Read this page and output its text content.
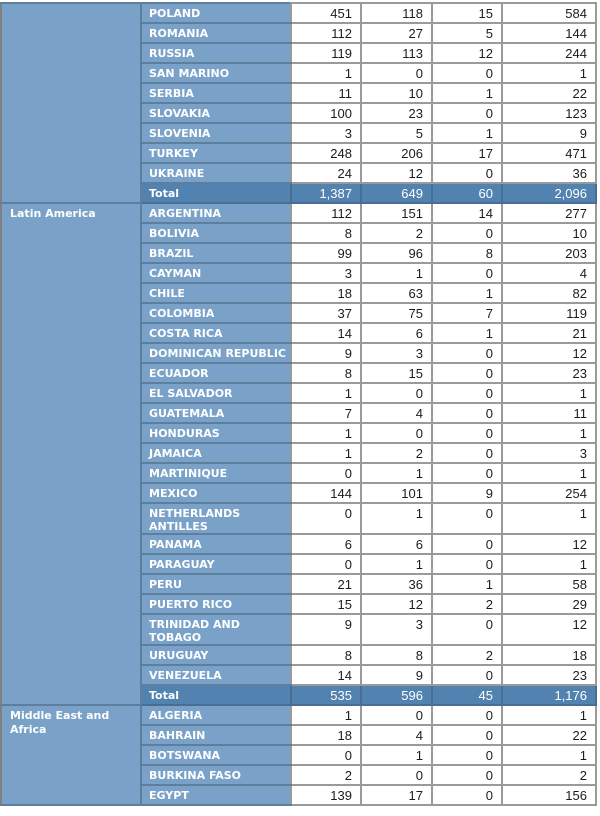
	POLAND	451	118	15	584
	ROMANIA	112	27	5	144
	RUSSIA	119	113	12	244
	SAN MARINO	1	0	0	1
	SERBIA	11	10	1	22
	SLOVAKIA	100	23	0	123
	SLOVENIA	3	5	1	9
	TURKEY	248	206	17	471
	UKRAINE	24	12	0	36
	Total	1,387	649	60	2,096
Latin America	ARGENTINA	112	151	14	277
	BOLIVIA	8	2	0	10
	BRAZIL	99	96	8	203
	CAYMAN	3	1	0	4
	CHILE	18	63	1	82
	COLOMBIA	37	75	7	119
	COSTA RICA	14	6	1	21
	DOMINICAN REPUBLIC	9	3	0	12
	ECUADOR	8	15	0	23
	EL SALVADOR	1	0	0	1
	GUATEMALA	7	4	0	11
	HONDURAS	1	0	0	1
	JAMAICA	1	2	0	3
	MARTINIQUE	0	1	0	1
	MEXICO	144	101	9	254
	NETHERLANDS ANTILLES	0	1	0	1
	PANAMA	6	6	0	12
	PARAGUAY	0	1	0	1
	PERU	21	36	1	58
	PUERTO RICO	15	12	2	29
	TRINIDAD AND TOBAGO	9	3	0	12
	URUGUAY	8	8	2	18
	VENEZUELA	14	9	0	23
	Total	535	596	45	1,176
Middle East and Africa	ALGERIA	1	0	0	1
	BAHRAIN	18	4	0	22
	BOTSWANA	0	1	0	1
	BURKINA FASO	2	0	0	2
	EGYPT	139	17	0	156
